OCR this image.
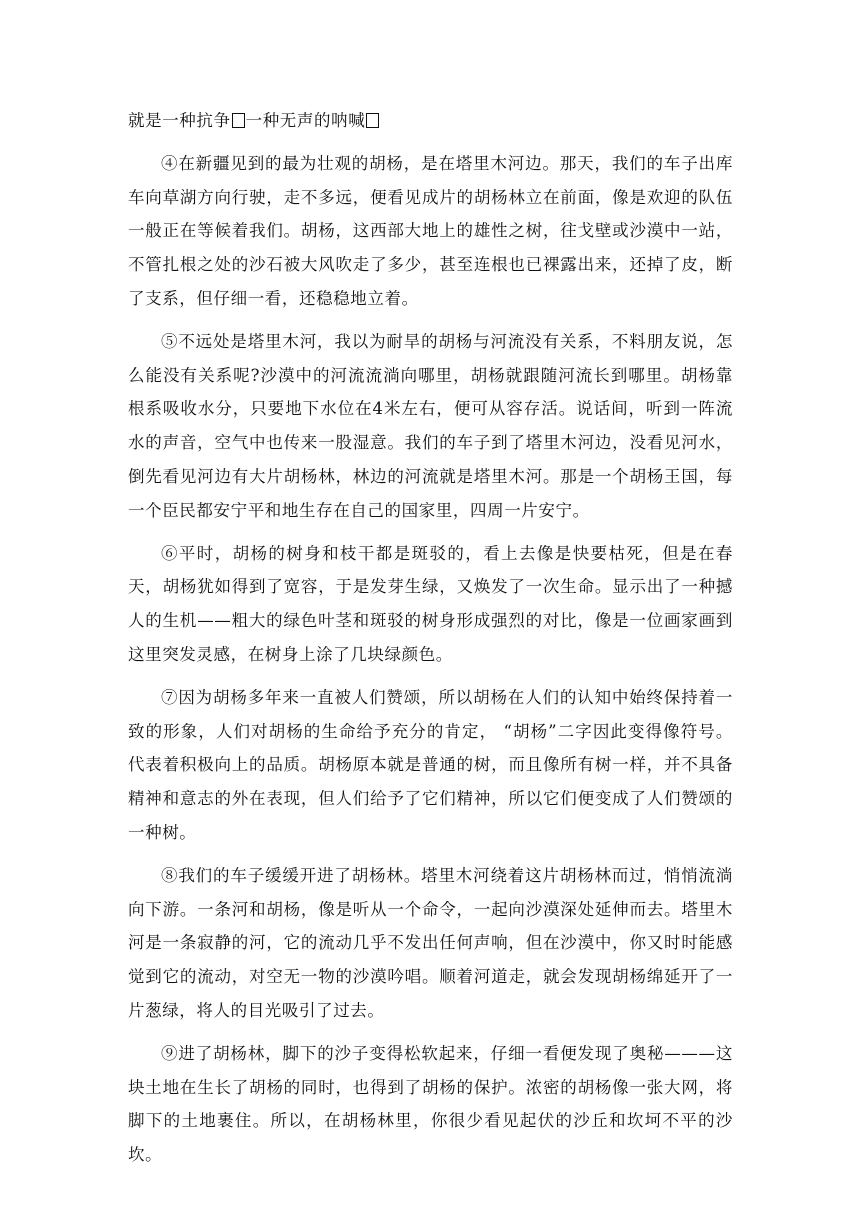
就是一种抗争 一种无声的呐喊

④在新疆见到的最为壮观的胡杨，是在塔里木河边。那天，我们的车子出库车向草湖方向行驶，走不多远，便看见成片的胡杨林立在前面，像是欢迎的队伍一般正在等候着我们。胡杨，这西部大地上的雄性之树，往戈壁或沙漠中一站，不管扎根之处的沙石被大风吹走了多少，甚至连根也已裸露出来，还掉了皮，断了支系，但仔细一看，还稳稳地立着。

⑤不远处是塔里木河，我以为耐旱的胡杨与河流没有关系，不料朋友说，怎么能没有关系呢?沙漠中的河流流淌向哪里，胡杨就跟随河流长到哪里。胡杨靠根系吸收水分，只要地下水位在4米左右，便可从容存活。说话间，听到一阵流水的声音，空气中也传来一股湿意。我们的车子到了塔里木河边，没看见河水，倒先看见河边有大片胡杨林，林边的河流就是塔里木河。那是一个胡杨王国，每一个臣民都安宁平和地生存在自己的国家里，四周一片安宁。

⑥平时，胡杨的树身和枝干都是斑驳的，看上去像是快要枯死，但是在春天，胡杨犹如得到了宽容，于是发芽生绿，又焕发了一次生命。显示出了一种撼人的生机——粗大的绿色叶茎和斑驳的树身形成强烈的对比，像是一位画家画到这里突发灵感，在树身上涂了几块绿颜色。

⑦因为胡杨多年来一直被人们赞颂，所以胡杨在人们的认知中始终保持着一致的形象，人们对胡杨的生命给予充分的肯定， “胡杨”二字因此变得像符号。代表着积极向上的品质。胡杨原本就是普通的树，而且像所有树一样，并不具备精神和意志的外在表现，但人们给予了它们精神，所以它们便变成了人们赞颂的一种树。

⑧我们的车子缓缓开进了胡杨林。塔里木河绕着这片胡杨林而过，悄悄流淌向下游。一条河和胡杨，像是听从一个命令，一起向沙漠深处延伸而去。塔里木河是一条寂静的河，它的流动几乎不发出任何声响，但在沙漠中，你又时时能感觉到它的流动，对空无一物的沙漠吟唱。顺着河道走，就会发现胡杨绵延开了一片葱绿，将人的目光吸引了过去。

⑨进了胡杨林，脚下的沙子变得松软起来，仔细一看便发现了奥秘———这块土地在生长了胡杨的同时，也得到了胡杨的保护。浓密的胡杨像一张大网，将脚下的土地裹住。所以，在胡杨林里，你很少看见起伏的沙丘和坎坷不平的沙坎。
